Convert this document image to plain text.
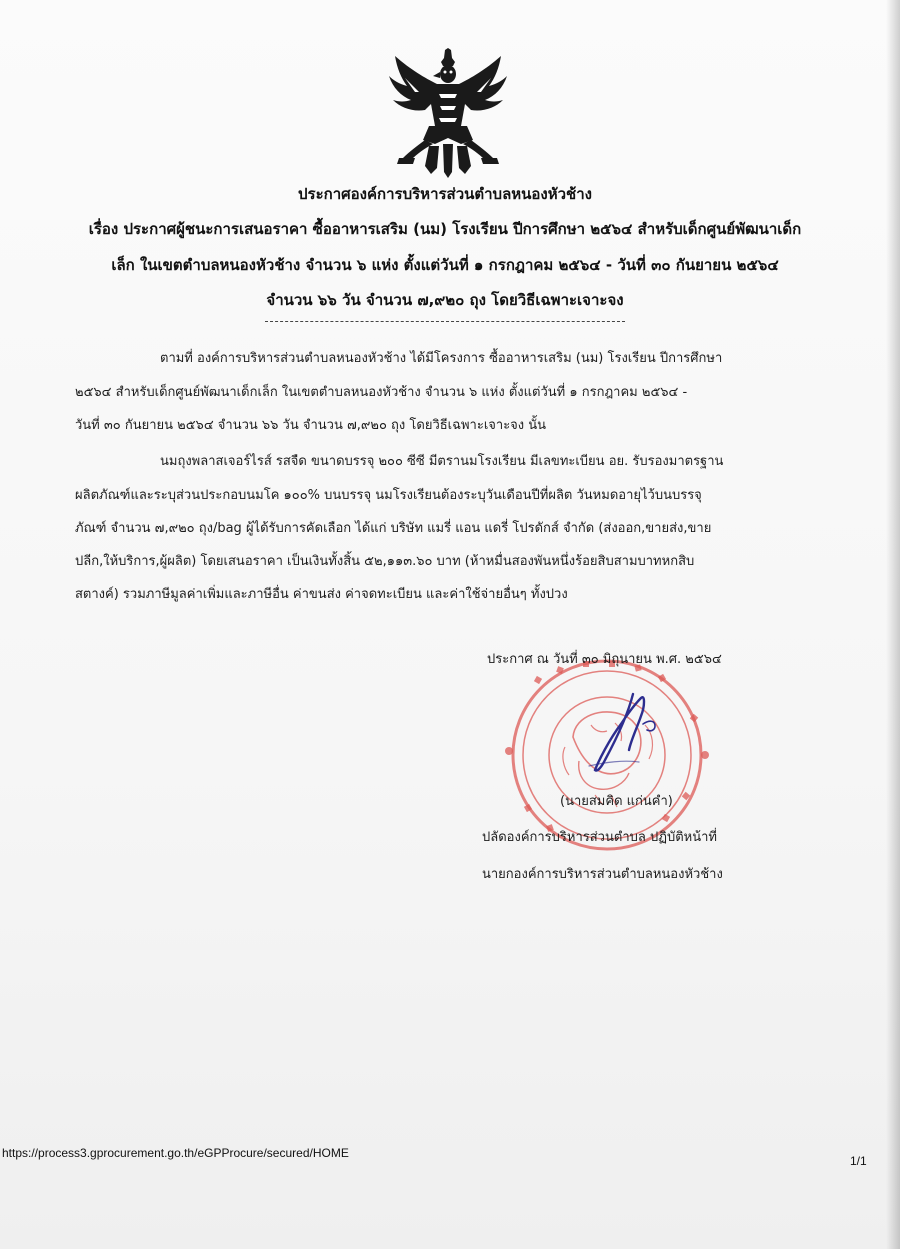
ประกาศองค์การบริหารส่วนตำบลหนองหัวช้าง
เรื่อง ประกาศผู้ชนะการเสนอราคา ซื้ออาหารเสริม (นม) โรงเรียน ปีการศึกษา ๒๕๖๔ สำหรับเด็กศูนย์พัฒนาเด็ก
เล็ก ในเขตตำบลหนองหัวช้าง จำนวน ๖ แห่ง ตั้งแต่วันที่ ๑ กรกฎาคม ๒๕๖๔ - วันที่ ๓๐ กันยายน ๒๕๖๔
จำนวน ๖๖ วัน จำนวน ๗,๙๒๐ ถุง โดยวิธีเฉพาะเจาะจง
ตามที่ องค์การบริหารส่วนตำบลหนองหัวช้าง ได้มีโครงการ ซื้ออาหารเสริม (นม) โรงเรียน ปีการศึกษา
๒๕๖๔ สำหรับเด็กศูนย์พัฒนาเด็กเล็ก ในเขตตำบลหนองหัวช้าง จำนวน ๖ แห่ง ตั้งแต่วันที่ ๑ กรกฎาคม ๒๕๖๔ -
วันที่ ๓๐ กันยายน ๒๕๖๔ จำนวน ๖๖ วัน จำนวน ๗,๙๒๐ ถุง โดยวิธีเฉพาะเจาะจง นั้น
นมถุงพลาสเจอร์ไรส์ รสจืด ขนาดบรรจุ ๒๐๐ ซีซี มีตรานมโรงเรียน มีเลขทะเบียน อย. รับรองมาตรฐาน
ผลิตภัณฑ์และระบุส่วนประกอบนมโค ๑๐๐% บนบรรจุ นมโรงเรียนต้องระบุวันเดือนปีที่ผลิต วันหมดอายุไว้บนบรรจุ
ภัณฑ์ จำนวน ๗,๙๒๐ ถุง/bag ผู้ได้รับการคัดเลือก ได้แก่ บริษัท แมรี่ แอน แดรี่ โปรดักส์ จำกัด (ส่งออก,ขายส่ง,ขาย
ปลีก,ให้บริการ,ผู้ผลิต) โดยเสนอราคา เป็นเงินทั้งสิ้น ๕๒,๑๑๓.๖๐ บาท (ห้าหมื่นสองพันหนึ่งร้อยสิบสามบาทหกสิบ
สตางค์) รวมภาษีมูลค่าเพิ่มและภาษีอื่น ค่าขนส่ง ค่าจดทะเบียน และค่าใช้จ่ายอื่นๆ ทั้งปวง
ประกาศ ณ วันที่ ๓๐ มิถุนายน พ.ศ. ๒๕๖๔
(นายสมคิด แก่นคำ)
ปลัดองค์การบริหารส่วนตำบล ปฏิบัติหน้าที่
นายกองค์การบริหารส่วนตำบลหนองหัวช้าง
https://process3.gprocurement.go.th/eGPProcure/secured/HOME
1/1
